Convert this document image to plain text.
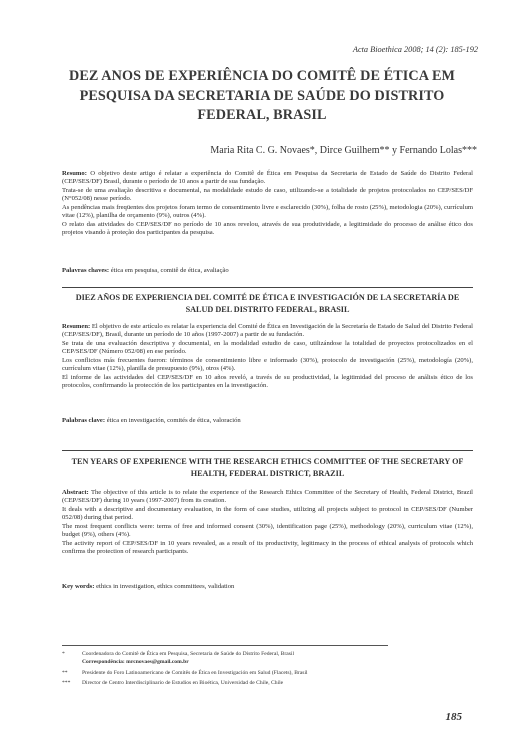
Acta Bioethica 2008; 14 (2): 185-192
DEZ ANOS DE EXPERIÊNCIA DO COMITÊ DE ÉTICA EM PESQUISA DA SECRETARIA DE SAÚDE DO DISTRITO FEDERAL, BRASIL
Maria Rita C. G. Novaes*, Dirce Guilhem** y Fernando Lolas***

Resumo: O objetivo deste artigo é relatar a experiência do Comitê de Ética em Pesquisa da Secretaria de Estado de Saúde do Distrito Federal (CEP/SES/DF) Brasil, durante o período de 10 anos a partir de sua fundação.

Trata-se de uma avaliação descritiva e documental, na modalidade estudo de caso, utilizando-se a totalidade de projetos protocolados no CEP/SES/DF (N°052/08) nesse período.

As pendências mais freqüentes dos projetos foram termo de consentimento livre e esclarecido (30%), folha de rosto (25%), metodologia (20%), currículum vitae (12%), planilha de orçamento (9%), outros (4%).

O relato das atividades do CEP/SES/DF no período de 10 anos revelou, através de sua produtividade, a legitimidade do processo de análise ético dos projetos visando à proteção dos participantes da pesquisa.

Palavras chaves: ética em pesquisa, comitê de ética, avaliação
DIEZ AÑOS DE EXPERIENCIA DEL COMITÉ DE ÉTICA E INVESTIGACIÓN DE LA SECRETARÍA DE SALUD DEL DISTRITO FEDERAL, BRASIL

Resumen: El objetivo de este artículo es relatar la experiencia del Comité de Ética en Investigación de la Secretaría de Estado de Salud del Distrito Federal (CEP/SES/DF), Brasil, durante un período de 10 años (1997-2007) a partir de su fundación.

Se trata de una evaluación descriptiva y documental, en la modalidad estudio de caso, utilizándose la totalidad de proyectos protocolizados en el CEP/SES/DF (Número 052/08) en ese período.

Los conflictos más frecuentes fueron: términos de consentimiento libre e informado (30%), protocolo de investigación (25%), metodología (20%), currículum vitae (12%), planilla de presupuesto (9%), otros (4%).

El informe de las actividades del CEP/SES/DF en 10 años reveló, a través de su productividad, la legitimidad del proceso de análisis ético de los protocolos, confirmando la protección de los participantes en la investigación.

Palabras clave: ética en investigación, comités de ética, valoración
TEN YEARS OF EXPERIENCE WITH THE RESEARCH ETHICS COMMITTEE OF THE SECRETARY OF HEALTH, FEDERAL DISTRICT, BRAZIL

Abstract: The objective of this article is to relate the experience of the Research Ethics Committee of the Secretary of Health, Federal District, Brazil (CEP/SES/DF) during 10 years (1997-2007) from its creation.

It deals with a descriptive and documentary evaluation, in the form of case studies, utilizing all projects subject to protocol in CEP/SES/DF (Number 052/08) during that period.

The most frequent conflicts were: terms of free and informed consent (30%), identification page (25%), methodology (20%), curriculum vitae (12%), budget (9%), others (4%).

The activity report of CEP/SES/DF in 10 years revealed, as a result of its productivity, legitimacy in the process of ethical analysis of protocols which confirms the protection of research participants.

Key words: ethics in investigation, ethics committees, validation
*	Coordenadora do Comitê de Ética em Pesquisa, Secretaria de Saúde do Distrito Federal, Brasil
Correspondência: mrcnovaes@gmail.com.br
**	Presidente do Foro Latinoamericano de Comitês de Ética en Investigación em Salud (Flacets), Brasil
*** Director de Centro Interdisciplinario de Estudios en Bioética, Universidad de Chile, Chile
185
